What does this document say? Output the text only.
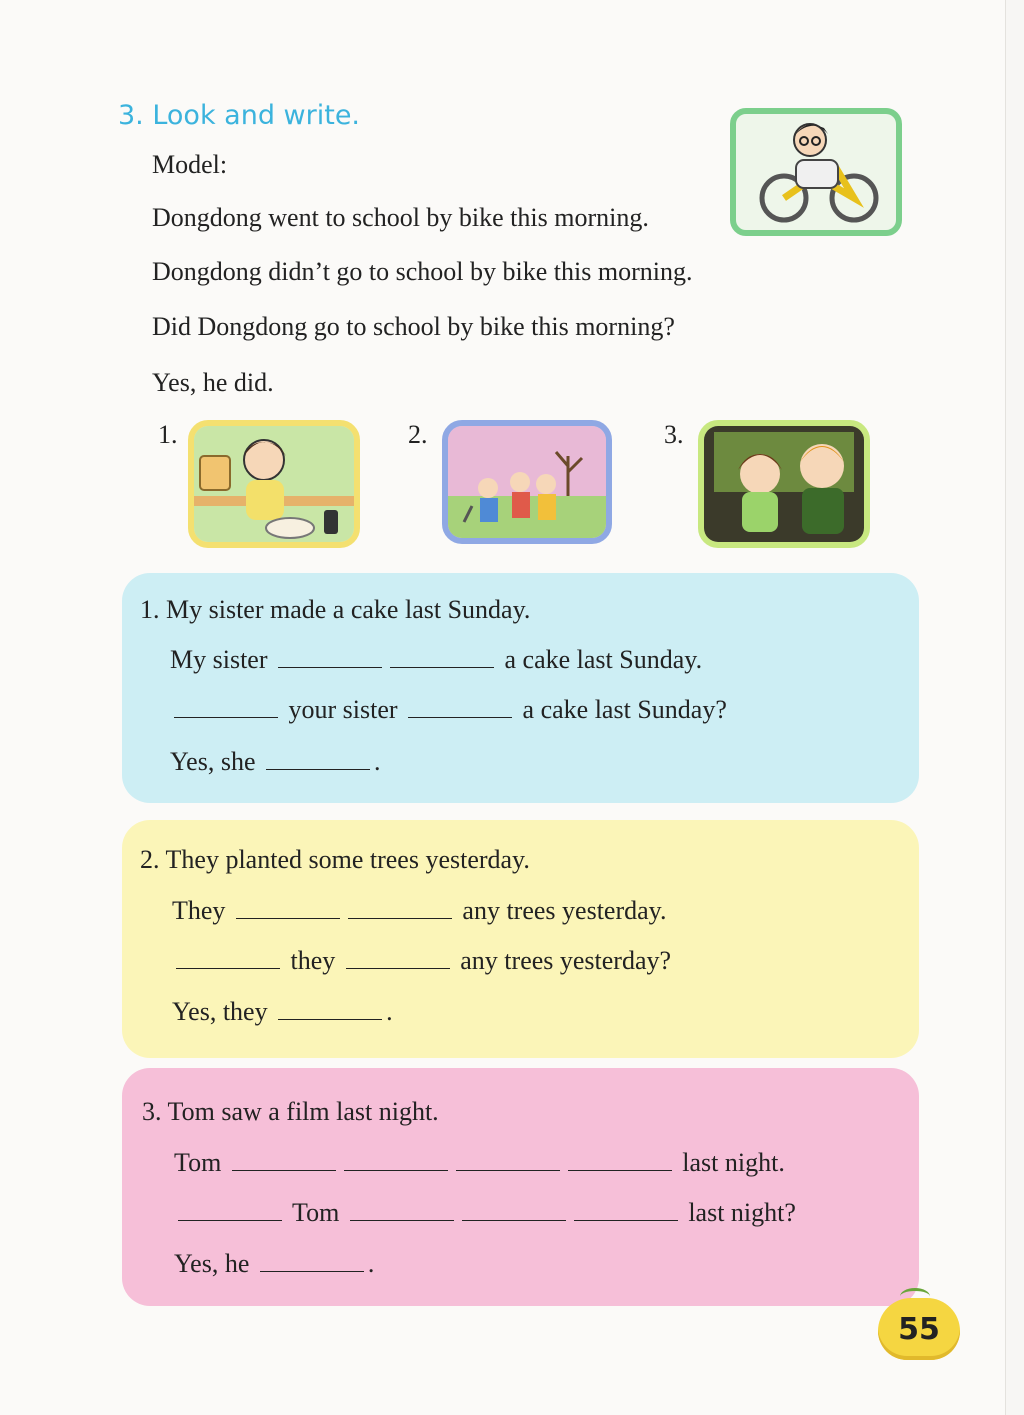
3. Look and write.
Model:
Dongdong went to school by bike this morning.
Dongdong didn’t go to school by bike this morning.
Did Dongdong go to school by bike this morning?
Yes, he did.
1.	2.	3.
1. My sister made a cake last Sunday.
My sister	a cake last Sunday.
your sister	a cake last Sunday?
Yes, she	.
2. They planted some trees yesterday.
They	any trees yesterday.
they	any trees yesterday?
Yes, they	.
3. Tom saw a film last night.
Tom	last night.
Tom	last night?
Yes, he	.
55
